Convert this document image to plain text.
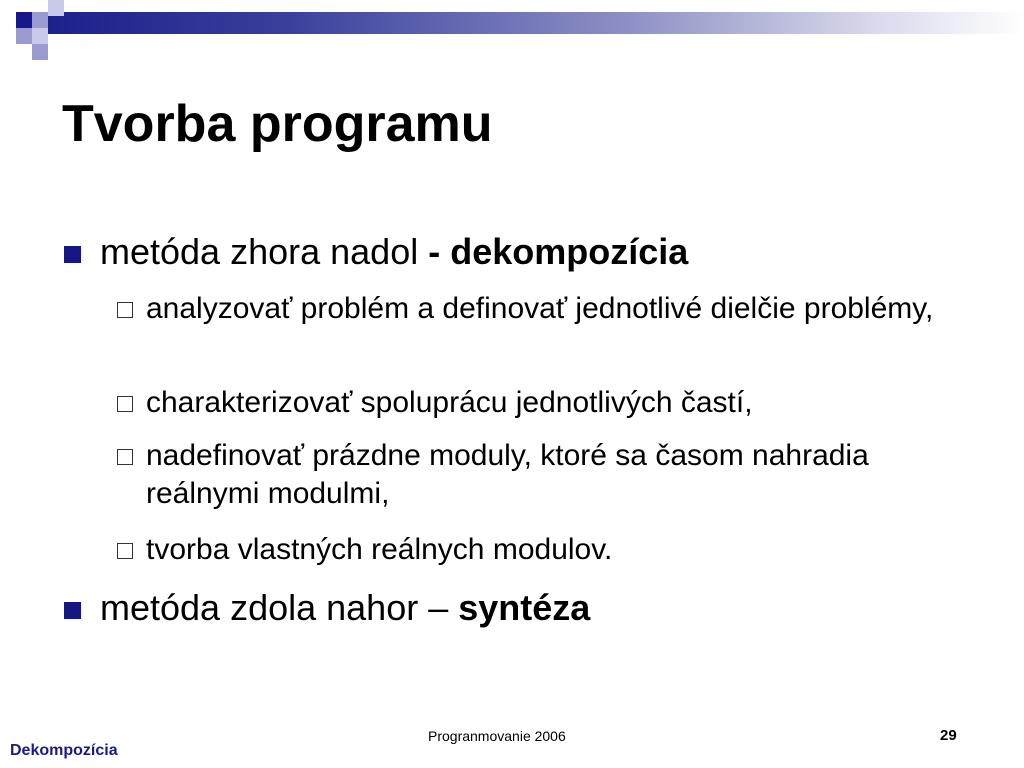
Tvorba programu
metóda zhora nadol - dekompozícia
analyzovať problém a definovať jednotlivé dielčie problémy,
charakterizovať spoluprácu jednotlivých častí,
nadefinovať prázdne moduly, ktoré sa časom nahradia reálnymi modulmi,
tvorba vlastných reálnych modulov.
metóda zdola nahor – syntéza
Progranmovanie 2006	29
Dekompozícia
